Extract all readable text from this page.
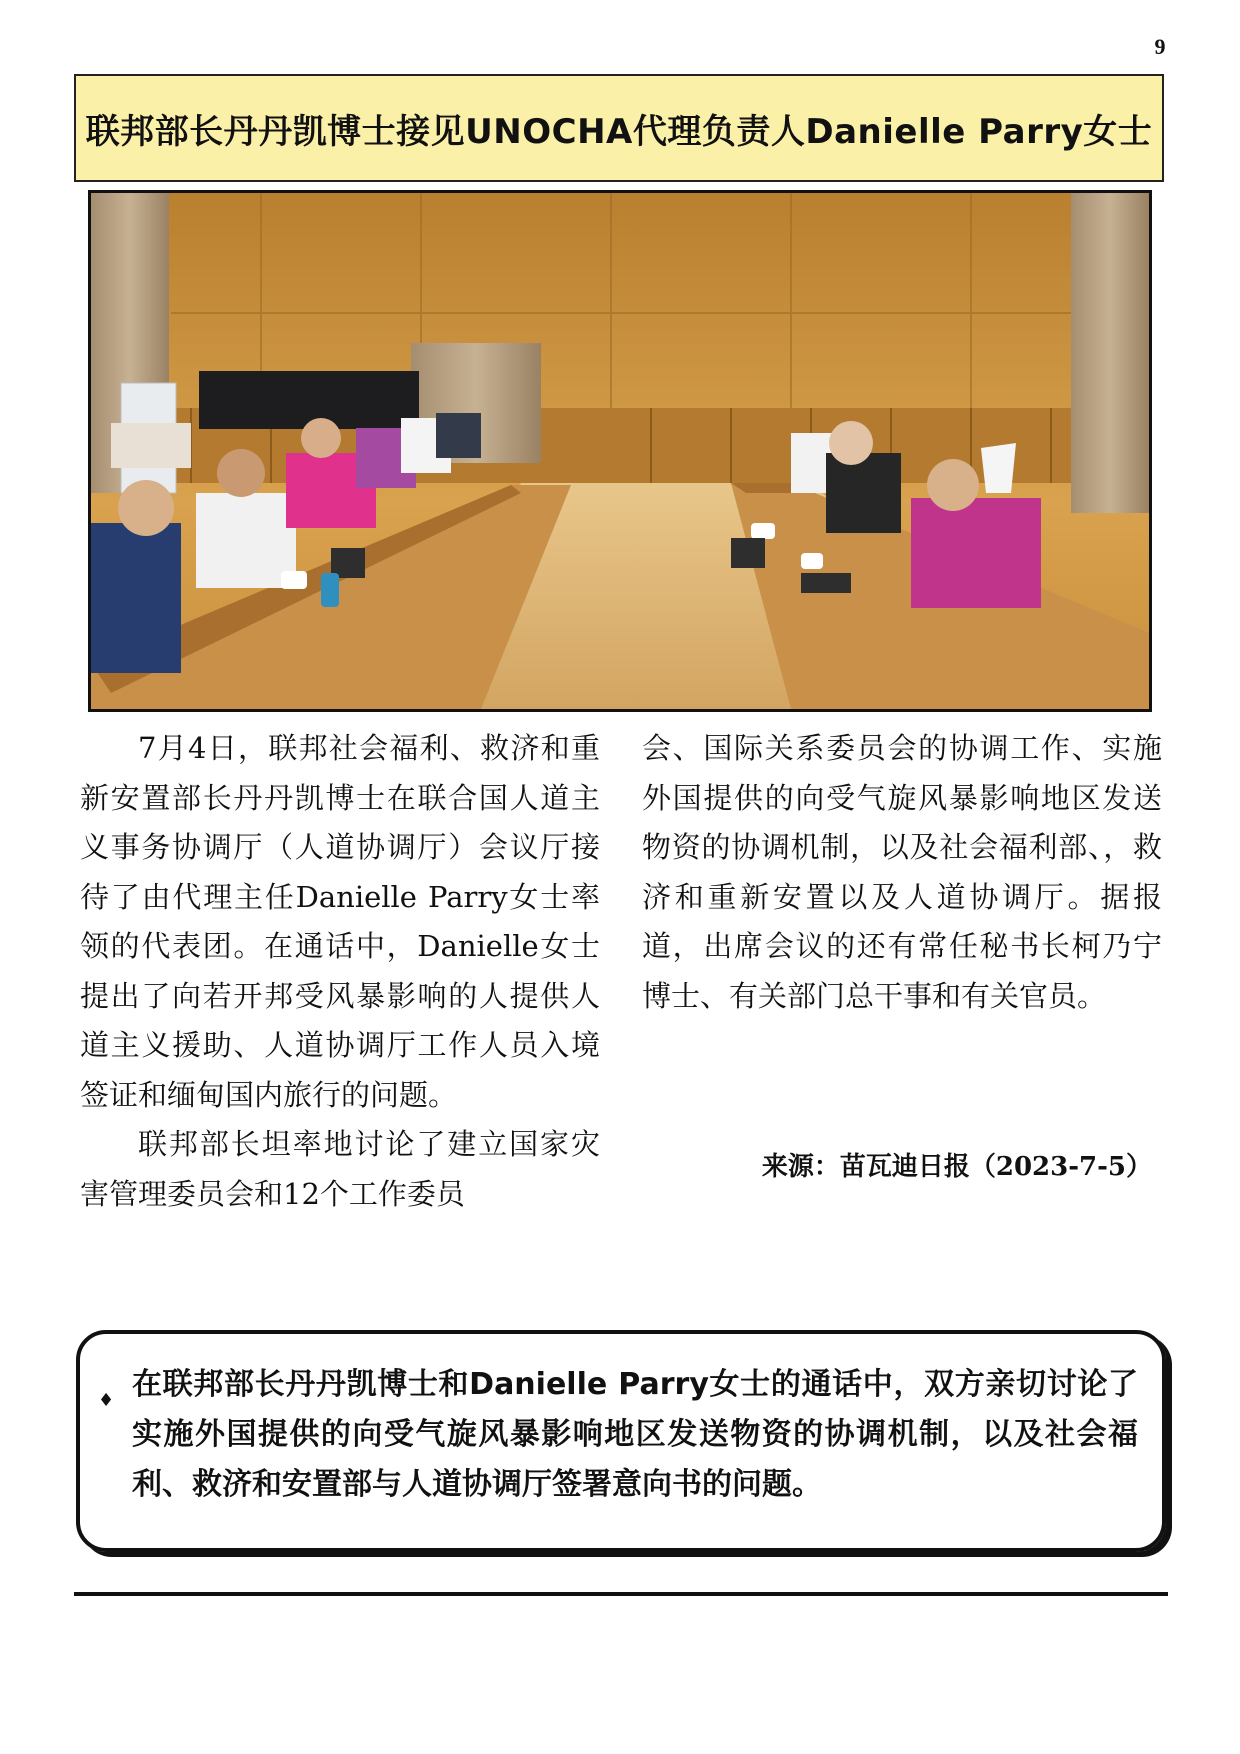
9
联邦部长丹丹凯博士接见UNOCHA代理负责人Danielle Parry女士

7月4日，联邦社会福利、救济和重新安置部长丹丹凯博士在联合国人道主义事务协调厅（人道协调厅）会议厅接待了由代理主任Danielle Parry女士率领的代表团。在通话中，Danielle女士提出了向若开邦受风暴影响的人提供人道主义援助、人道协调厅工作人员入境签证和缅甸国内旅行的问题。

联邦部长坦率地讨论了建立国家灾害管理委员会和12个工作委员

会、国际关系委员会的协调工作、实施外国提供的向受气旋风暴影响地区发送物资的协调机制，以及社会福利部、，救济和重新安置以及人道协调厅。据报道，出席会议的还有常任秘书长柯乃宁博士、有关部门总干事和有关官员。

来源：苗瓦迪日报（2023-7-5）
♦ 在联邦部长丹丹凯博士和Danielle Parry女士的通话中，双方亲切讨论了实施外国提供的向受气旋风暴影响地区发送物资的协调机制，以及社会福利、救济和安置部与人道协调厅签署意向书的问题。
